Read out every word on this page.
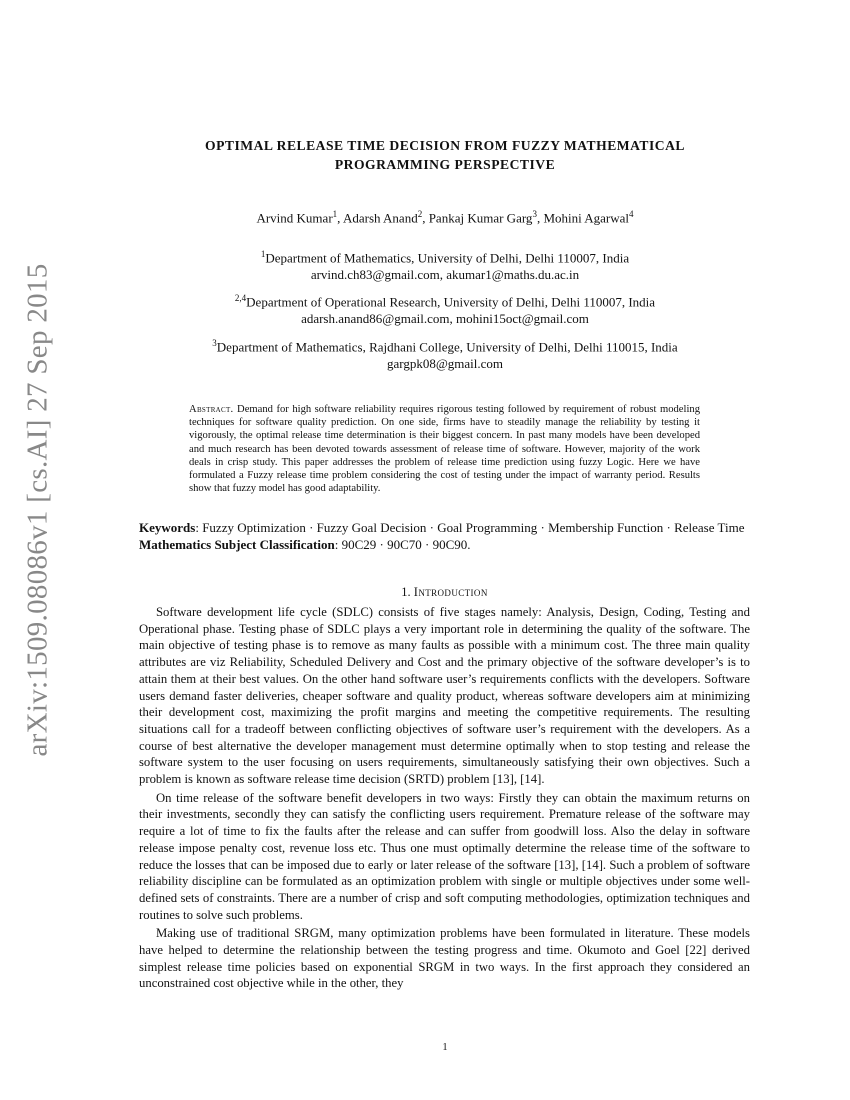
arXiv:1509.08086v1 [cs.AI] 27 Sep 2015
OPTIMAL RELEASE TIME DECISION FROM FUZZY MATHEMATICAL
PROGRAMMING PERSPECTIVE
Arvind Kumar$^1$, Adarsh Anand$^2$, Pankaj Kumar Garg$^3$, Mohini Agarwal$^4$
$^1$Department of Mathematics, University of Delhi, Delhi 110007, India
arvind.ch83@gmail.com, akumar1@maths.du.ac.in
$^{2,4}$Department of Operational Research, University of Delhi, Delhi 110007, India
adarsh.anand86@gmail.com, mohini15oct@gmail.com
$^3$Department of Mathematics, Rajdhani College, University of Delhi, Delhi 110015, India
gargpk08@gmail.com
Abstract. Demand for high software reliability requires rigorous testing followed by requirement of robust modeling techniques for software quality prediction. On one side, firms have to steadily manage the reliability by testing it vigorously, the optimal release time determination is their biggest concern. In past many models have been developed and much research has been devoted towards assessment of release time of software. However, majority of the work deals in crisp study. This paper addresses the problem of release time prediction using fuzzy Logic. Here we have formulated a Fuzzy release time problem considering the cost of testing under the impact of warranty period. Results show that fuzzy model has good adaptability.
Keywords: Fuzzy Optimization · Fuzzy Goal Decision · Goal Programming · Membership Function · Release Time
Mathematics Subject Classification: 90C29 · 90C70 · 90C90.
1. Introduction

Software development life cycle (SDLC) consists of five stages namely: Analysis, Design, Coding, Testing and Operational phase. Testing phase of SDLC plays a very important role in determining the quality of the software. The main objective of testing phase is to remove as many faults as possible with a minimum cost. The three main quality attributes are viz Reliability, Scheduled Delivery and Cost and the primary objective of the software developer’s is to attain them at their best values. On the other hand software user’s requirements conflicts with the developers. Software users demand faster deliveries, cheaper software and quality product, whereas software developers aim at minimizing their development cost, maximizing the profit margins and meeting the competitive requirements. The resulting situations call for a tradeoff between conflicting objectives of software user’s requirement with the developers. As a course of best alternative the developer management must determine optimally when to stop testing and release the software system to the user focusing on users requirements, simultaneously satisfying their own objectives. Such a problem is known as software release time decision (SRTD) problem [13], [14].

On time release of the software benefit developers in two ways: Firstly they can obtain the maximum returns on their investments, secondly they can satisfy the conflicting users requirement. Premature release of the software may require a lot of time to fix the faults after the release and can suffer from goodwill loss. Also the delay in software release impose penalty cost, revenue loss etc. Thus one must optimally determine the release time of the software to reduce the losses that can be imposed due to early or later release of the software [13], [14]. Such a problem of software reliability discipline can be formulated as an optimization problem with single or multiple objectives under some well-defined sets of constraints. There are a number of crisp and soft computing methodologies, optimization techniques and routines to solve such problems.

Making use of traditional SRGM, many optimization problems have been formulated in literature. These models have helped to determine the relationship between the testing progress and time. Okumoto and Goel [22] derived simplest release time policies based on exponential SRGM in two ways. In the first approach they considered an unconstrained cost objective while in the other, they

1
